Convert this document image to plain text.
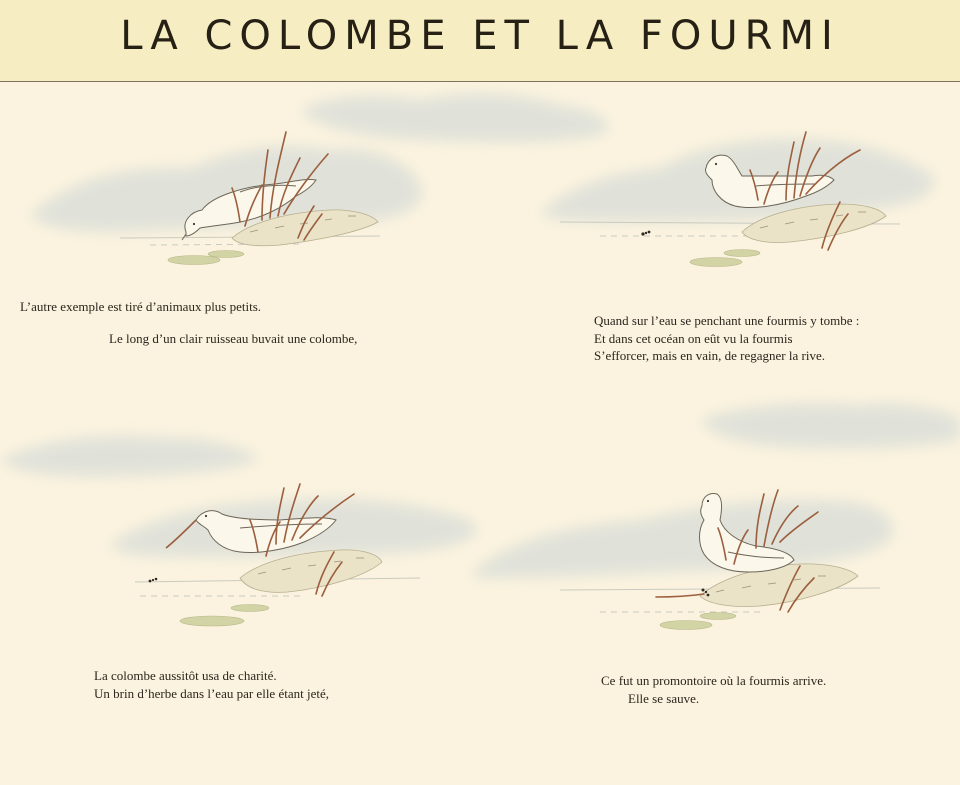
LA COLOMBE ET LA FOURMI
L’autre exemple est tiré d’animaux plus petits.
Le long d’un clair ruisseau buvait une colombe,
Quand sur l’eau se penchant une fourmis y tombe :
Et dans cet océan on eût vu la fourmis
S’efforcer, mais en vain, de regagner la rive.
La colombe aussitôt usa de charité.
Un brin d’herbe dans l’eau par elle étant jeté,
Ce fut un promontoire où la fourmis arrive.
Elle se sauve.
